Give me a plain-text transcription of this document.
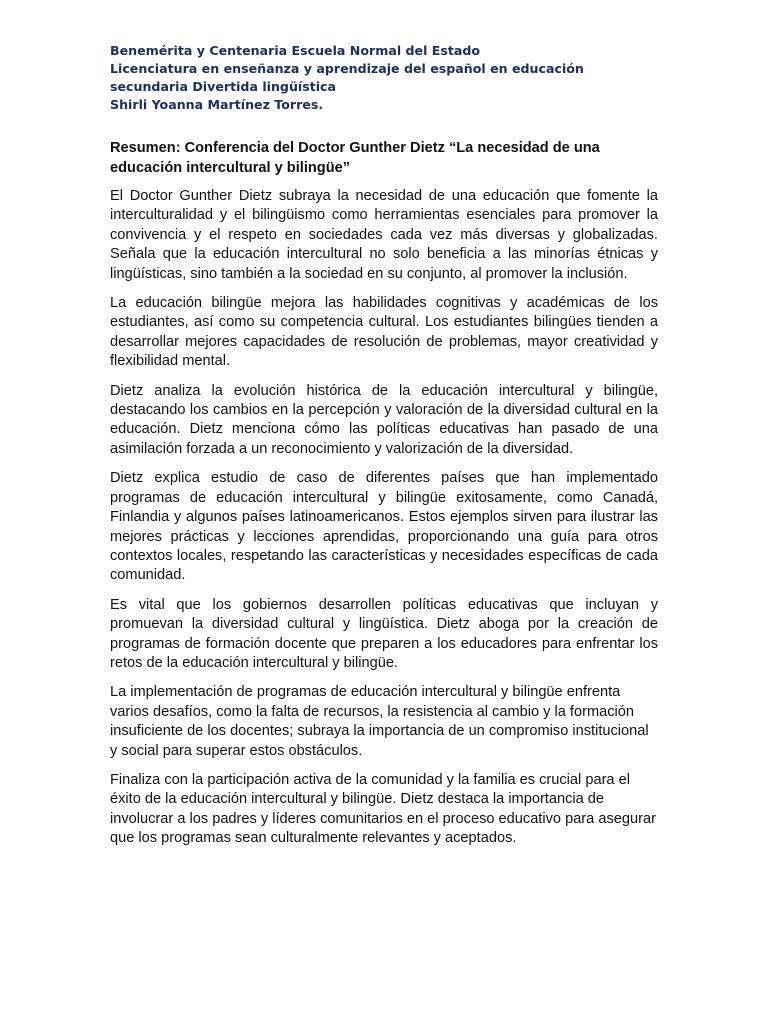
Benemérita y Centenaria Escuela Normal del Estado
Licenciatura en enseñanza y aprendizaje del español en educación
secundaria Divertida lingüística
Shirli Yoanna Martínez Torres.

Resumen: Conferencia del Doctor Gunther Dietz “La necesidad de una educación intercultural y bilingüe”

El Doctor Gunther Dietz subraya la necesidad de una educación que fomente la interculturalidad y el bilingüismo como herramientas esenciales para promover la convivencia y el respeto en sociedades cada vez más diversas y globalizadas. Señala que la educación intercultural no solo beneficia a las minorías étnicas y lingüísticas, sino también a la sociedad en su conjunto, al promover la inclusión.

La educación bilingüe mejora las habilidades cognitivas y académicas de los estudiantes, así como su competencia cultural. Los estudiantes bilingües tienden a desarrollar mejores capacidades de resolución de problemas, mayor creatividad y flexibilidad mental.

Dietz analiza la evolución histórica de la educación intercultural y bilingüe, destacando los cambios en la percepción y valoración de la diversidad cultural en la educación. Dietz menciona cómo las políticas educativas han pasado de una asimilación forzada a un reconocimiento y valorización de la diversidad.

Dietz explica estudio de caso de diferentes países que han implementado programas de educación intercultural y bilingüe exitosamente, como Canadá, Finlandia y algunos países latinoamericanos. Estos ejemplos sirven para ilustrar las mejores prácticas y lecciones aprendidas, proporcionando una guía para otros contextos locales, respetando las características y necesidades específicas de cada comunidad.

Es vital que los gobiernos desarrollen políticas educativas que incluyan y promuevan la diversidad cultural y lingüística. Dietz aboga por la creación de programas de formación docente que preparen a los educadores para enfrentar los retos de la educación intercultural y bilingüe.

La implementación de programas de educación intercultural y bilingüe enfrenta varios desafíos, como la falta de recursos, la resistencia al cambio y la formación insuficiente de los docentes; subraya la importancia de un compromiso institucional y social para superar estos obstáculos.

Finaliza con la participación activa de la comunidad y la familia es crucial para el éxito de la educación intercultural y bilingüe. Dietz destaca la importancia de involucrar a los padres y líderes comunitarios en el proceso educativo para asegurar que los programas sean culturalmente relevantes y aceptados.
